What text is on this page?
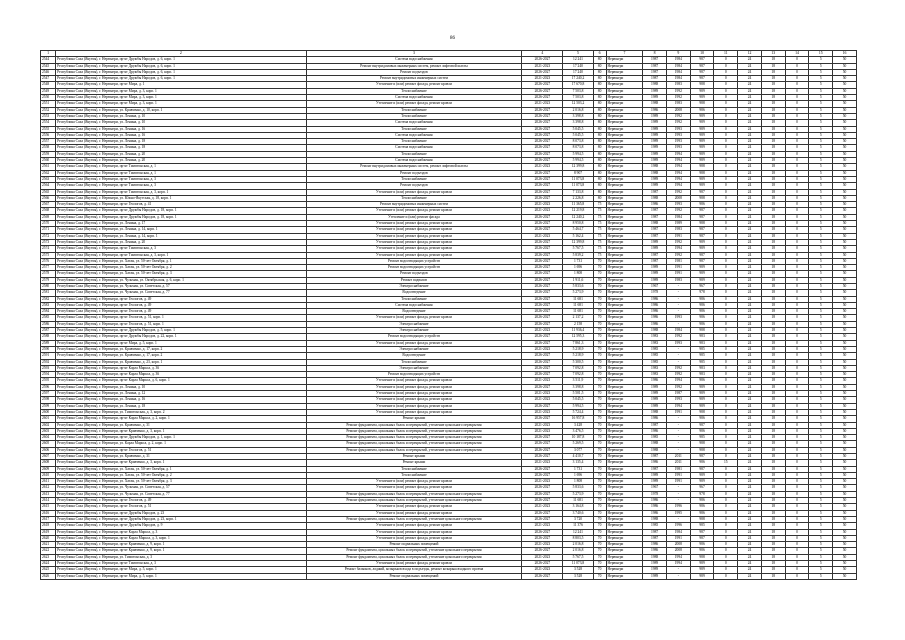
86
1	2	3	4	5	6	7	8	9	10	11	12	13	14	15	16
2544	Республика Саха (Якутия), г. Нерюнгри, пр-кт Дружбы Народов, д. 6, корп. 1	Система водоснабжения	2026-2027	12 241	80	Нерюнгри	1987	1984	987	0	24	18	0	5	50
2545	Республика Саха (Якутия), г. Нерюнгри, пр-кт Дружбы Народов, д. 6, корп. 1	Ремонт внутридомовых инженерных систем, ремонт лифтовой шахты	2021-2023	17 240	80	Нерюнгри	1987	1984	987	0	24	18	0	5	50
2546	Республика Саха (Якутия), г. Нерюнгри, пр-кт Дружбы Народов, д. 6, корп. 1	Ремонт подъездов	2026-2027	17 240	80	Нерюнгри	1987	1984	987	0	24	18	0	5	50
2547	Республика Саха (Якутия), г. Нерюнгри, пр-кт Дружбы Народов, д. 6, корп. 1	Ремонт внутридомовых инженерных систем	2021-2023	17 240,2	80	Нерюнгри	1987	1984	987	0	24	18	0	5	50
2548	Республика Саха (Якутия), г. Нерюнгри, пр-кт Мира, д. 1	Утепление и (или) ремонт фасада, ремонт кровли	2026-2027	17 670,8	80	Нерюнгри	1988	1983	988	0	24	18	0	5	50
2549	Республика Саха (Якутия), г. Нерюнгри, пр-кт Мира, д. 3, корп. 1	Теплоснабжение	2026-2027	7 503,8	80	Нерюнгри	1989	1992	989	0	24	18	0	5	50
2550	Республика Саха (Якутия), г. Нерюнгри, пр-кт Мира, д. 3, корп. 1	Система водоснабжения	2026-2027	7 503,8	80	Нерюнгри	1989	1992	989	0	24	18	0	5	50
2551	Республика Саха (Якутия), г. Нерюнгри, пр-кт Мира, д. 3, корп. 1	Утепление и (или) ремонт фасада, ремонт кровли	2021-2023	12 503,2	80	Нерюнгри	1988	1983	988	0	24	18	0	5	50
2552	Республика Саха (Якутия), г. Нерюнгри, ул. Кравченко, д. 10, корп. 1	Теплоснабжение	2026-2027	2 016,8	80	Нерюнгри	1986	2008	986	0	24	18	0	5	50
2553	Республика Саха (Якутия), г. Нерюнгри, ул. Ленина, д. 10	Теплоснабжение	2026-2027	3 398,8	80	Нерюнгри	1989	1992	989	0	24	18	0	5	50
2554	Республика Саха (Якутия), г. Нерюнгри, ул. Ленина, д. 10	Система водоснабжения	2026-2027	3 398,8	80	Нерюнгри	1989	1992	989	0	24	18	0	5	50
2555	Республика Саха (Якутия), г. Нерюнгри, ул. Ленина, д. 16	Теплоснабжение	2026-2027	5 045,5	80	Нерюнгри	1989	1993	989	0	24	18	0	5	50
2556	Республика Саха (Якутия), г. Нерюнгри, ул. Ленина, д. 16	Система водоснабжения	2026-2027	5 045,5	80	Нерюнгри	1989	1993	989	0	24	18	0	5	50
2557	Республика Саха (Якутия), г. Нерюнгри, ул. Ленина, д. 18	Теплоснабжение	2026-2027	8 073,8	80	Нерюнгри	1989	1993	989	0	24	18	0	5	50
2558	Республика Саха (Якутия), г. Нерюнгри, ул. Ленина, д. 18	Система водоснабжения	2026-2027	8 073,8	80	Нерюнгри	1989	1993	989	0	24	18	0	5	50
2559	Республика Саха (Якутия), г. Нерюнгри, ул. Ленина, д. 20	Теплоснабжение	2026-2027	5 994,5	80	Нерюнгри	1989	1994	989	0	24	18	0	5	50
2560	Республика Саха (Якутия), г. Нерюнгри, ул. Ленина, д. 20	Система водоснабжения	2026-2027	5 994,5	80	Нерюнгри	1989	1994	989	0	24	18	0	5	50
2561	Республика Саха (Якутия), г. Нерюнгри, пр-кт Тимптонская, д. 1	Ремонт внутридомовых инженерных систем, ремонт лифтовой шахты	2021-2023	12 399,8	80	Нерюнгри	1988	1994	988	0	24	18	0	5	50
2562	Республика Саха (Якутия), г. Нерюнгри, пр-кт Тимптонская, д. 1	Ремонт подъездов	2026-2027	8 907	80	Нерюнгри	1988	1994	988	0	24	18	0	5	50
2563	Республика Саха (Якутия), г. Нерюнгри, пр-кт Тимптонская, д. 3	Теплоснабжение	2026-2027	11 073,8	80	Нерюнгри	1989	1994	989	0	24	18	0	5	50
2564	Республика Саха (Якутия), г. Нерюнгри, пр-кт Тимптонская, д. 3	Ремонт подъездов	2026-2027	11 073,8	80	Нерюнгри	1989	1994	989	0	24	18	0	5	50
2565	Республика Саха (Якутия), г. Нерюнгри, пр-кт Тимптонская, д. 3, корп. 1	Утепление и (или) ремонт фасада, ремонт кровли	2026-2027	7 133,8	80	Нерюнгри	1987	1992	987	0	24	18	0	5	50
2566	Республика Саха (Якутия), г. Нерюнгри, ул. Южно-Якутская, д. 18, корп. 1	Теплоснабжение	2026-2027	2 226,8	80	Нерюнгри	1988	2008	988	0	24	18	0	5	50
2567	Республика Саха (Якутия), г. Нерюнгри, пр-кт Геологов, д. 41	Ремонт внутридомовых инженерных систем	2021-2023	11 365,8	75	Нерюнгри	1986	1993	986	0	24	18	0	5	50
2568	Республика Саха (Якутия), г. Нерюнгри, пр-кт Дружбы Народов, д. 18, корп. 1	Утепление и (или) ремонт фасада, ремонт кровли	2021-2023	12 219,8	75	Нерюнгри	1987	1992	987	0	24	18	0	5	50
2569	Республика Саха (Якутия), г. Нерюнгри, пр-кт Дружбы Народов, д. 18, корп. 1	Утепление и (или) ремонт фасада	2026-2027	12 240,2	75	Нерюнгри	1987	1984	987	0	24	18	0	5	50
2570	Республика Саха (Якутия), г. Нерюнгри, ул. Ленина, д. 17	Утепление и (или) ремонт фасада, ремонт кровли	2026-2027	8 950,8	75	Нерюнгри	1988	1989	988	0	24	18	0	5	50
2571	Республика Саха (Якутия), г. Нерюнгри, ул. Ленина, д. 14, корп. 1	Утепление и (или) ремонт фасада, ремонт кровли	2026-2027	5 464,7	75	Нерюнгри	1987	1983	987	0	24	18	0	5	50
2572	Республика Саха (Якутия), г. Нерюнгри, ул. Ленина, д. 14, корп. 1	Утепление и (или) ремонт фасада, ремонт кровли	2021-2023	5 162,4	75	Нерюнгри	1987	1991	987	0	24	18	0	5	50
2573	Республика Саха (Якутия), г. Нерюнгри, ул. Ленина, д. 20	Утепление и (или) ремонт фасада, ремонт кровли	2026-2027	12 399,8	75	Нерюнгри	1989	1992	989	0	24	18	0	5	50
2574	Республика Саха (Якутия), г. Нерюнгри, пр-кт Тимптонская, д. 3	Утепление и (или) ремонт фасада, ремонт кровли	2026-2027	5 767,5	75	Нерюнгри	1989	1994	989	0	24	18	0	5	50
2575	Республика Саха (Якутия), г. Нерюнгри, пр-кт Тимптонская, д. 3, корп. 1	Утепление и (или) ремонт фасада, ремонт кровли	2026-2027	5 839,2	75	Нерюнгри	1987	1992	987	0	24	18	0	5	50
2576	Республика Саха (Якутия), г. Нерюнгри, ул. Хатан, ул. 50-лет Октября, д. 1	Ремонт водоотводящих устройств	2026-2027	1 731	70	Нерюнгри	1987	1981	987	0	24	18	0	5	50
2577	Республика Саха (Якутия), г. Нерюнгри, ул. Хатан, ул. 50-лет Октября, д. 2	Ремонт водоотводящих устройств	2026-2027	1 696	70	Нерюнгри	1989	1991	989	0	24	18	0	5	50
2578	Республика Саха (Якутия), г. Нерюнгри, ул. Хатан, ул. 50-лет Октября, д. 3	Ремонт подъездов	2026-2027	1 808	70	Нерюнгри	1989	1991	989	0	24	18	0	5	50
2579	Республика Саха (Якутия), г. Нерюнгри, ул. Чульман, ул. Октябрьская, д. 6, корп. 1	Ремонт подвалов	2026-2027	1 911,6	70	Нерюнгри	1989	1983	989	0	24	18	0	5	50
2580	Республика Саха (Якутия), г. Нерюнгри, ул. Чульман, ул. Советская, д. 57	Электроснабжение	2026-2027	5 833,6	70	Нерюнгри	1967	-	967	0	24	18	0	5	50
2581	Республика Саха (Якутия), г. Нерюнгри, ул. Чульман, ул. Советская, д. 77	Водоотведение	2026-2027	5 273,9	70	Нерюнгри	1978	-	978	0	24	18	0	5	50
2582	Республика Саха (Якутия), г. Нерюнгри, пр-кт Геологов, д. 49	Теплоснабжение	2026-2027	11 681	70	Нерюнгри	1986	-	986	0	24	18	0	5	50
2583	Республика Саха (Якутия), г. Нерюнгри, пр-кт Геологов, д. 49	Система водоснабжения	2026-2027	11 681	70	Нерюнгри	1986	-	986	0	24	18	0	5	50
2584	Республика Саха (Якутия), г. Нерюнгри, пр-кт Геологов, д. 49	Водоотведение	2026-2027	11 681	70	Нерюнгри	1986	-	986	0	24	18	0	5	50
2585	Республика Саха (Якутия), г. Нерюнгри, пр-кт Геологов, д. 51, корп. 1	Утепление и (или) ремонт фасада, ремонт кровли	2026-2027	2 137,2	70	Нерюнгри	1986	1993	986	0	24	18	0	5	50
2586	Республика Саха (Якутия), г. Нерюнгри, пр-кт Геологов, д. 51, корп. 1	Электроснабжение	2026-2027	2 158	70	Нерюнгри	1986	-	986	0	24	18	0	5	50
2587	Республика Саха (Якутия), г. Нерюнгри, пр-кт Дружбы Народов, д. 5, корп. 1	Электроснабжение	2021-2023	11 936,4	70	Нерюнгри	1988	1984	988	0	24	18	0	5	50
2588	Республика Саха (Якутия), г. Нерюнгри, пр-кт Дружбы Народов, д. 22, корп. 1	Ремонт водоотводящих устройств	2026-2027	12 595,3	70	Нерюнгри	1983	1992	983	0	24	18	0	5	50
2589	Республика Саха (Якутия), г. Нерюнгри, пр-кт Мира, д. 5, корп. 1	Утепление и (или) ремонт фасада, ремонт кровли	2026-2027	7 861,3	70	Нерюнгри	1983	1993	983	0	24	18	0	5	50
2590	Республика Саха (Якутия), г. Нерюнгри, ул. Кравченко, д. 17, корп. 2	Электроснабжение	2021-2023	5 218,9	70	Нерюнгри	1985	-	985	0	24	18	0	5	50
2591	Республика Саха (Якутия), г. Нерюнгри, ул. Кравченко, д. 17, корп. 2	Водоотведение	2026-2027	5 218,9	70	Нерюнгри	1985	-	985	0	24	18	0	5	50
2592	Республика Саха (Якутия), г. Нерюнгри, ул. Кравченко, д. 23, корп. 1	Теплоснабжение	2026-2027	5 300,5	70	Нерюнгри	1985	-	985	0	24	18	0	5	50
2593	Республика Саха (Якутия), г. Нерюнгри, пр-кт Карла Маркса, д. 36	Электроснабжение	2026-2027	7 092,8	70	Нерюнгри	1983	1992	983	0	24	18	0	5	50
2594	Республика Саха (Якутия), г. Нерюнгри, пр-кт Карла Маркса, д. 36	Ремонт водоотводящих устройств	2026-2027	7 092,8	70	Нерюнгри	1983	1992	983	0	24	18	0	5	50
2595	Республика Саха (Якутия), г. Нерюнгри, пр-кт Карла Маркса, д. 6, корп. 1	Утепление и (или) ремонт фасада, ремонт кровли	2021-2023	3 511,9	70	Нерюнгри	1986	1994	986	0	24	18	0	5	50
2596	Республика Саха (Якутия), г. Нерюнгри, ул. Ленина, д. 10	Утепление и (или) ремонт фасада, ремонт кровли	2026-2027	3 398,8	70	Нерюнгри	1989	1992	989	0	24	18	0	5	50
2597	Республика Саха (Якутия), г. Нерюнгри, ул. Ленина, д. 12	Утепление и (или) ремонт фасада, ремонт кровли	2021-2023	5 501,5	70	Нерюнгри	1989	1987	989	0	24	18	0	5	50
2598	Республика Саха (Якутия), г. Нерюнгри, ул. Ленина, д. 16	Утепление и (или) ремонт фасада, ремонт кровли	2021-2023	5 045,5	70	Нерюнгри	1989	1993	989	0	24	18	0	5	50
2599	Республика Саха (Якутия), г. Нерюнгри, ул. Ленина, д. 18	Утепление и (или) ремонт фасада, ремонт кровли	2026-2027	5 994,5	70	Нерюнгри	1989	1994	989	0	24	18	0	5	50
2600	Республика Саха (Якутия), г. Нерюнгри, ул. Тимптонская, д. 3, корп. 2	Утепление и (или) ремонт фасада, ремонт кровли	2021-2023	5 724,4	70	Нерюнгри	1988	1991	988	0	24	18	0	5	50
2601	Республика Саха (Якутия), г. Нерюнгри, пр-кт Карла Маркса, д. 2, корп. 1	Ремонт крыши	2026-2027	16 957,8	70	Нерюнгри	1986	-	986	0	24	18	0	5	50
2602	Республика Саха (Якутия), г. Нерюнгри, ул. Кравченко, д. 31	Ремонт фундамента, цокольных балок и перекрытий, утепление цокольного перекрытия	2021-2023	3 428	70	Нерюнгри	1987	-	987	0	24	18	0	5	50
2603	Республика Саха (Якутия), г. Нерюнгри, пр-кт Кравченко, д. 3, корп. 1	Ремонт фундамента, цокольных балок и перекрытий, утепление цокольного перекрытия	2021-2023	3 476,5	70	Нерюнгри	1986	-	986	0	24	18	0	5	50
2604	Республика Саха (Якутия), г. Нерюнгри, пр-кт Дружбы Народов, д. 1, корп. 1	Ремонт фундамента, цокольных балок и перекрытий, утепление цокольного перекрытия	2026-2027	10 187,8	70	Нерюнгри	1985	-	985	0	24	18	0	5	50
2605	Республика Саха (Якутия), г. Нерюнгри, ул. Карла Маркса, д. 2, корп. 1	Ремонт фундамента, цокольных балок и перекрытий, утепление цокольного перекрытия	2026-2027	5 269,5	70	Нерюнгри	1988	-	988	0	24	18	0	5	50
2606	Республика Саха (Якутия), г. Нерюнгри, пр-кт Геологов, д. 51	Ремонт фундамента, цокольных балок и перекрытий, утепление цокольного перекрытия	2026-2027	3 077	70	Нерюнгри	1988	-	988	0	24	18	0	5	50
2607	Республика Саха (Якутия), г. Нерюнгри, ул. Кравченко, д. 31	Ремонт крыши	2026-2027	4 410,7	70	Нерюнгри	1987	2011	987	0	24	18	0	5	50
2608	Республика Саха (Якутия), г. Нерюнгри, пр-кт Кравченко, д. 3, корп. 1	Ремонт крыши	2021-2023	3 135,4	70	Нерюнгри	1986	2011	986	15	24	18	0	5	50
2609	Республика Саха (Якутия), г. Нерюнгри, ул. Хатан, ул. 50-лет Октября, д. 1	Теплоснабжение	2026-2027	1 731	70	Нерюнгри	1987	1981	987	0	24	18	0	5	50
2610	Республика Саха (Якутия), г. Нерюнгри, ул. Хатан, ул. 50-лет Октября, д. 2	Теплоснабжение	2026-2027	1 696	70	Нерюнгри	1989	1991	989	0	24	18	0	5	50
2611	Республика Саха (Якутия), г. Нерюнгри, ул. Хатан, ул. 50-лет Октября, д. 3	Утепление и (или) ремонт фасада, ремонт кровли	2021-2023	1 808	70	Нерюнгри	1989	1991	989	0	24	18	0	5	50
2612	Республика Саха (Якутия), г. Нерюнгри, ул. Чульман, ул. Советская, д. 57	Утепление и (или) ремонт фасада, ремонт кровли	2026-2027	5 833,6	70	Нерюнгри	1967	-	967	0	24	18	0	5	50
2613	Республика Саха (Якутия), г. Нерюнгри, ул. Чульман, ул. Советская, д. 77	Ремонт фундамента, цокольных балок и перекрытий, утепление цокольного перекрытия	2026-2027	5 273,9	70	Нерюнгри	1978	-	978	0	24	18	0	5	50
2614	Республика Саха (Якутия), г. Нерюнгри, пр-кт Геологов, д. 49	Ремонт фундамента, цокольных балок и перекрытий, утепление цокольного перекрытия	2026-2027	11 681	70	Нерюнгри	1986	-	986	0	24	18	0	5	50
2615	Республика Саха (Якутия), г. Нерюнгри, пр-кт Геологов, д. 51	Утепление и (или) ремонт фасада, ремонт кровли	2021-2023	3 164,8	70	Нерюнгри	1986	1996	986	0	24	18	0	5	50
2616	Республика Саха (Якутия), г. Нерюнгри, пр-кт Дружбы Народов, д. 23	Утепление и (или) ремонт фасада, ремонт кровли	2026-2027	3 740,6	70	Нерюнгри	1986	1995	986	0	24	18	0	5	50
2617	Республика Саха (Якутия), г. Нерюнгри, пр-кт Дружбы Народов, д. 23, корп. 1	Ремонт фундамента, цокольных балок и перекрытий, утепление цокольного перекрытия	2026-2027	3 720	70	Нерюнгри	1988	-	988	0	24	18	0	5	50
2618	Республика Саха (Якутия), г. Нерюнгри, пр-кт Дружбы Народов, д. 9	Утепление и (или) ремонт фасада, ремонт кровли	2021-2023	11 376	70	Нерюнгри	1985	1996	985	0	24	18	0	5	50
2619	Республика Саха (Якутия), г. Нерюнгри, пр-кт Карла Маркса, д. 3	Утепление и (или) ремонт фасада, ремонт кровли	2026-2027	12 241	70	Нерюнгри	1987	1984	987	0	24	18	0	5	50
2620	Республика Саха (Якутия), г. Нерюнгри, пр-кт Карла Маркса, д. 3, корп. 1	Утепление и (или) ремонт фасада, ремонт кровли	2026-2027	8 803,5	70	Нерюнгри	1987	1991	987	0	24	18	0	5	50
2621	Республика Саха (Якутия), г. Нерюнгри, пр-кт Кравченко, д. 9, корп. 1	Ремонт подвальных помещений	2021-2023	2 016,8	70	Нерюнгри	1986	2008	986	0	24	18	0	5	50
2622	Республика Саха (Якутия), г. Нерюнгри, пр-кт Кравченко, д. 9, корп. 1	Ремонт фундамента, цокольных балок и перекрытий, утепление цокольного перекрытия	2026-2027	2 016,8	70	Нерюнгри	1986	2008	986	0	24	18	0	5	50
2623	Республика Саха (Якутия), г. Нерюнгри, ул. Тимптонская, д. 3	Ремонт фундамента, цокольных балок и перекрытий, утепление цокольного перекрытия	2021-2023	5 767,5	70	Нерюнгри	1988	1994	988	0	24	18	0	5	50
2624	Республика Саха (Якутия), г. Нерюнгри, пр-кт Тимптонская, д. 3	Утепление и (или) ремонт фасада, ремонт кровли	2026-2027	11 073,8	70	Нерюнгри	1989	1994	989	0	24	18	0	5	50
2625	Республика Саха (Якутия), г. Нерюнгри, пр-кт Мира, д. 5, корп. 1	Ремонт балконов, лоджий, козырьков входа в подъезды, ремонт козырька входного проема	2021-2023	3 528	70	Нерюнгри	1989	-	989	0	24	18	0	5	50
2626	Республика Саха (Якутия), г. Нерюнгри, пр-кт Мира, д. 5, корп. 1	Ремонт подвальных помещений	2026-2027	3 528	70	Нерюнгри	1989	-	989	0	24	18	0	5	50
